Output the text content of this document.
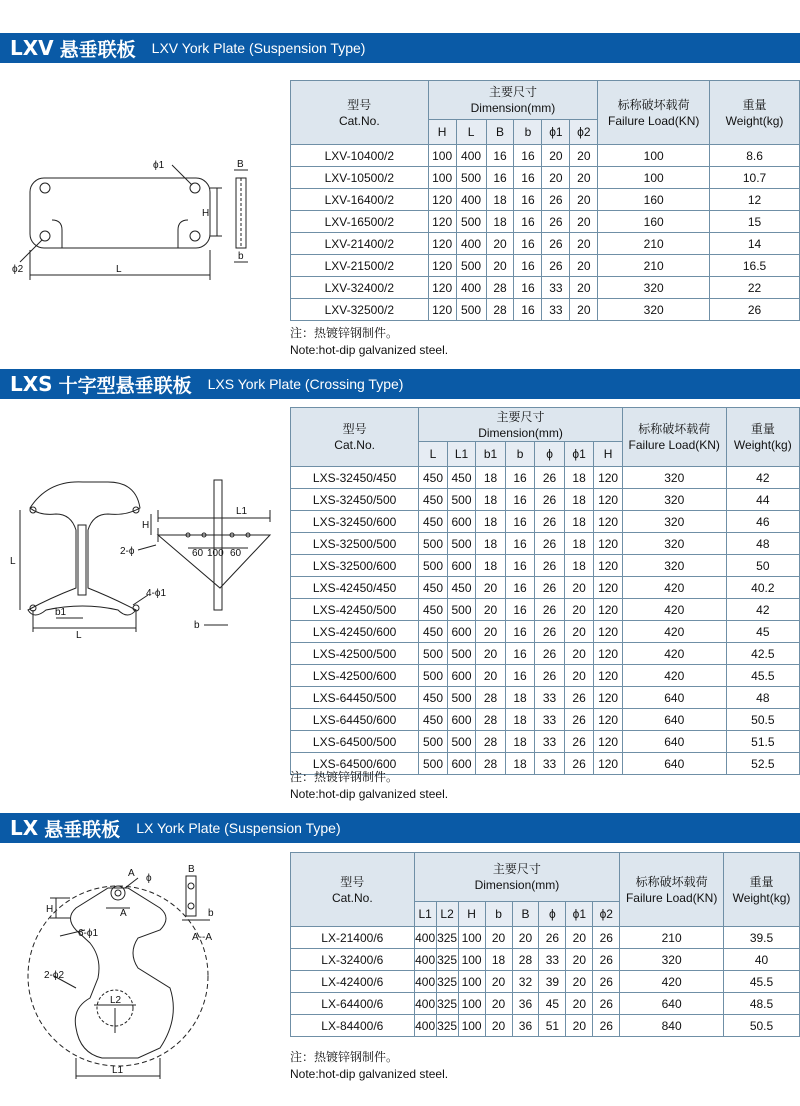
LXV 悬垂联板 LXV York Plate (Suspension Type)
ϕ1
ϕ2
H
L
B
b
型号
Cat.No.	主要尺寸
Dimension(mm)						标称破坏载荷
Failure Load(KN)	重量
Weight(kg)
	H	L	B	b	ϕ1	ϕ2		
LXV-10400/2	100	400	16	16	20	20	100	8.6
LXV-10500/2	100	500	16	16	20	20	100	10.7
LXV-16400/2	120	400	18	16	26	20	160	12
LXV-16500/2	120	500	18	16	26	20	160	15
LXV-21400/2	120	400	20	16	26	20	210	14
LXV-21500/2	120	500	20	16	26	20	210	16.5
LXV-32400/2	120	400	28	16	33	20	320	22
LXV-32500/2	120	500	28	16	33	20	320	26
注：热镀锌钢制件。
Note:hot-dip galvanized steel.
LXS 十字型悬垂联板 LXS York Plate (Crossing Type)
L
L
b1
H
L1
2-ϕ
4-ϕ1
60 100 60
b
型号
Cat.No.	主要尺寸
Dimension(mm)							标称破坏载荷
Failure Load(KN)	重量
Weight(kg)
	L	L1	b1	b	ϕ	ϕ1	H		
LXS-32450/450	450	450	18	16	26	18	120	320	42
LXS-32450/500	450	500	18	16	26	18	120	320	44
LXS-32450/600	450	600	18	16	26	18	120	320	46
LXS-32500/500	500	500	18	16	26	18	120	320	48
LXS-32500/600	500	600	18	16	26	18	120	320	50
LXS-42450/450	450	450	20	16	26	20	120	420	40.2
LXS-42450/500	450	500	20	16	26	20	120	420	42
LXS-42450/600	450	600	20	16	26	20	120	420	45
LXS-42500/500	500	500	20	16	26	20	120	420	42.5
LXS-42500/600	500	600	20	16	26	20	120	420	45.5
LXS-64450/500	450	500	28	18	33	26	120	640	48
LXS-64450/600	450	600	28	18	33	26	120	640	50.5
LXS-64500/500	500	500	28	18	33	26	120	640	51.5
LXS-64500/600	500	600	28	18	33	26	120	640	52.5
注：热镀锌钢制件。
Note:hot-dip galvanized steel.
LX 悬垂联板 LX York Plate (Suspension Type)
A ϕ
A
H
B
b
6-ϕ1	A--A
2-ϕ2
L2
L1
型号
Cat.No.	主要尺寸
Dimension(mm)								标称破坏载荷
Failure Load(KN)	重量
Weight(kg)
	L1	L2	H	b	B	ϕ	ϕ1	ϕ2		
LX-21400/6	400	325	100	20	20	26	20	26	210	39.5
LX-32400/6	400	325	100	18	28	33	20	26	320	40
LX-42400/6	400	325	100	20	32	39	20	26	420	45.5
LX-64400/6	400	325	100	20	36	45	20	26	640	48.5
LX-84400/6	400	325	100	20	36	51	20	26	840	50.5
注：热镀锌钢制件。
Note:hot-dip galvanized steel.
